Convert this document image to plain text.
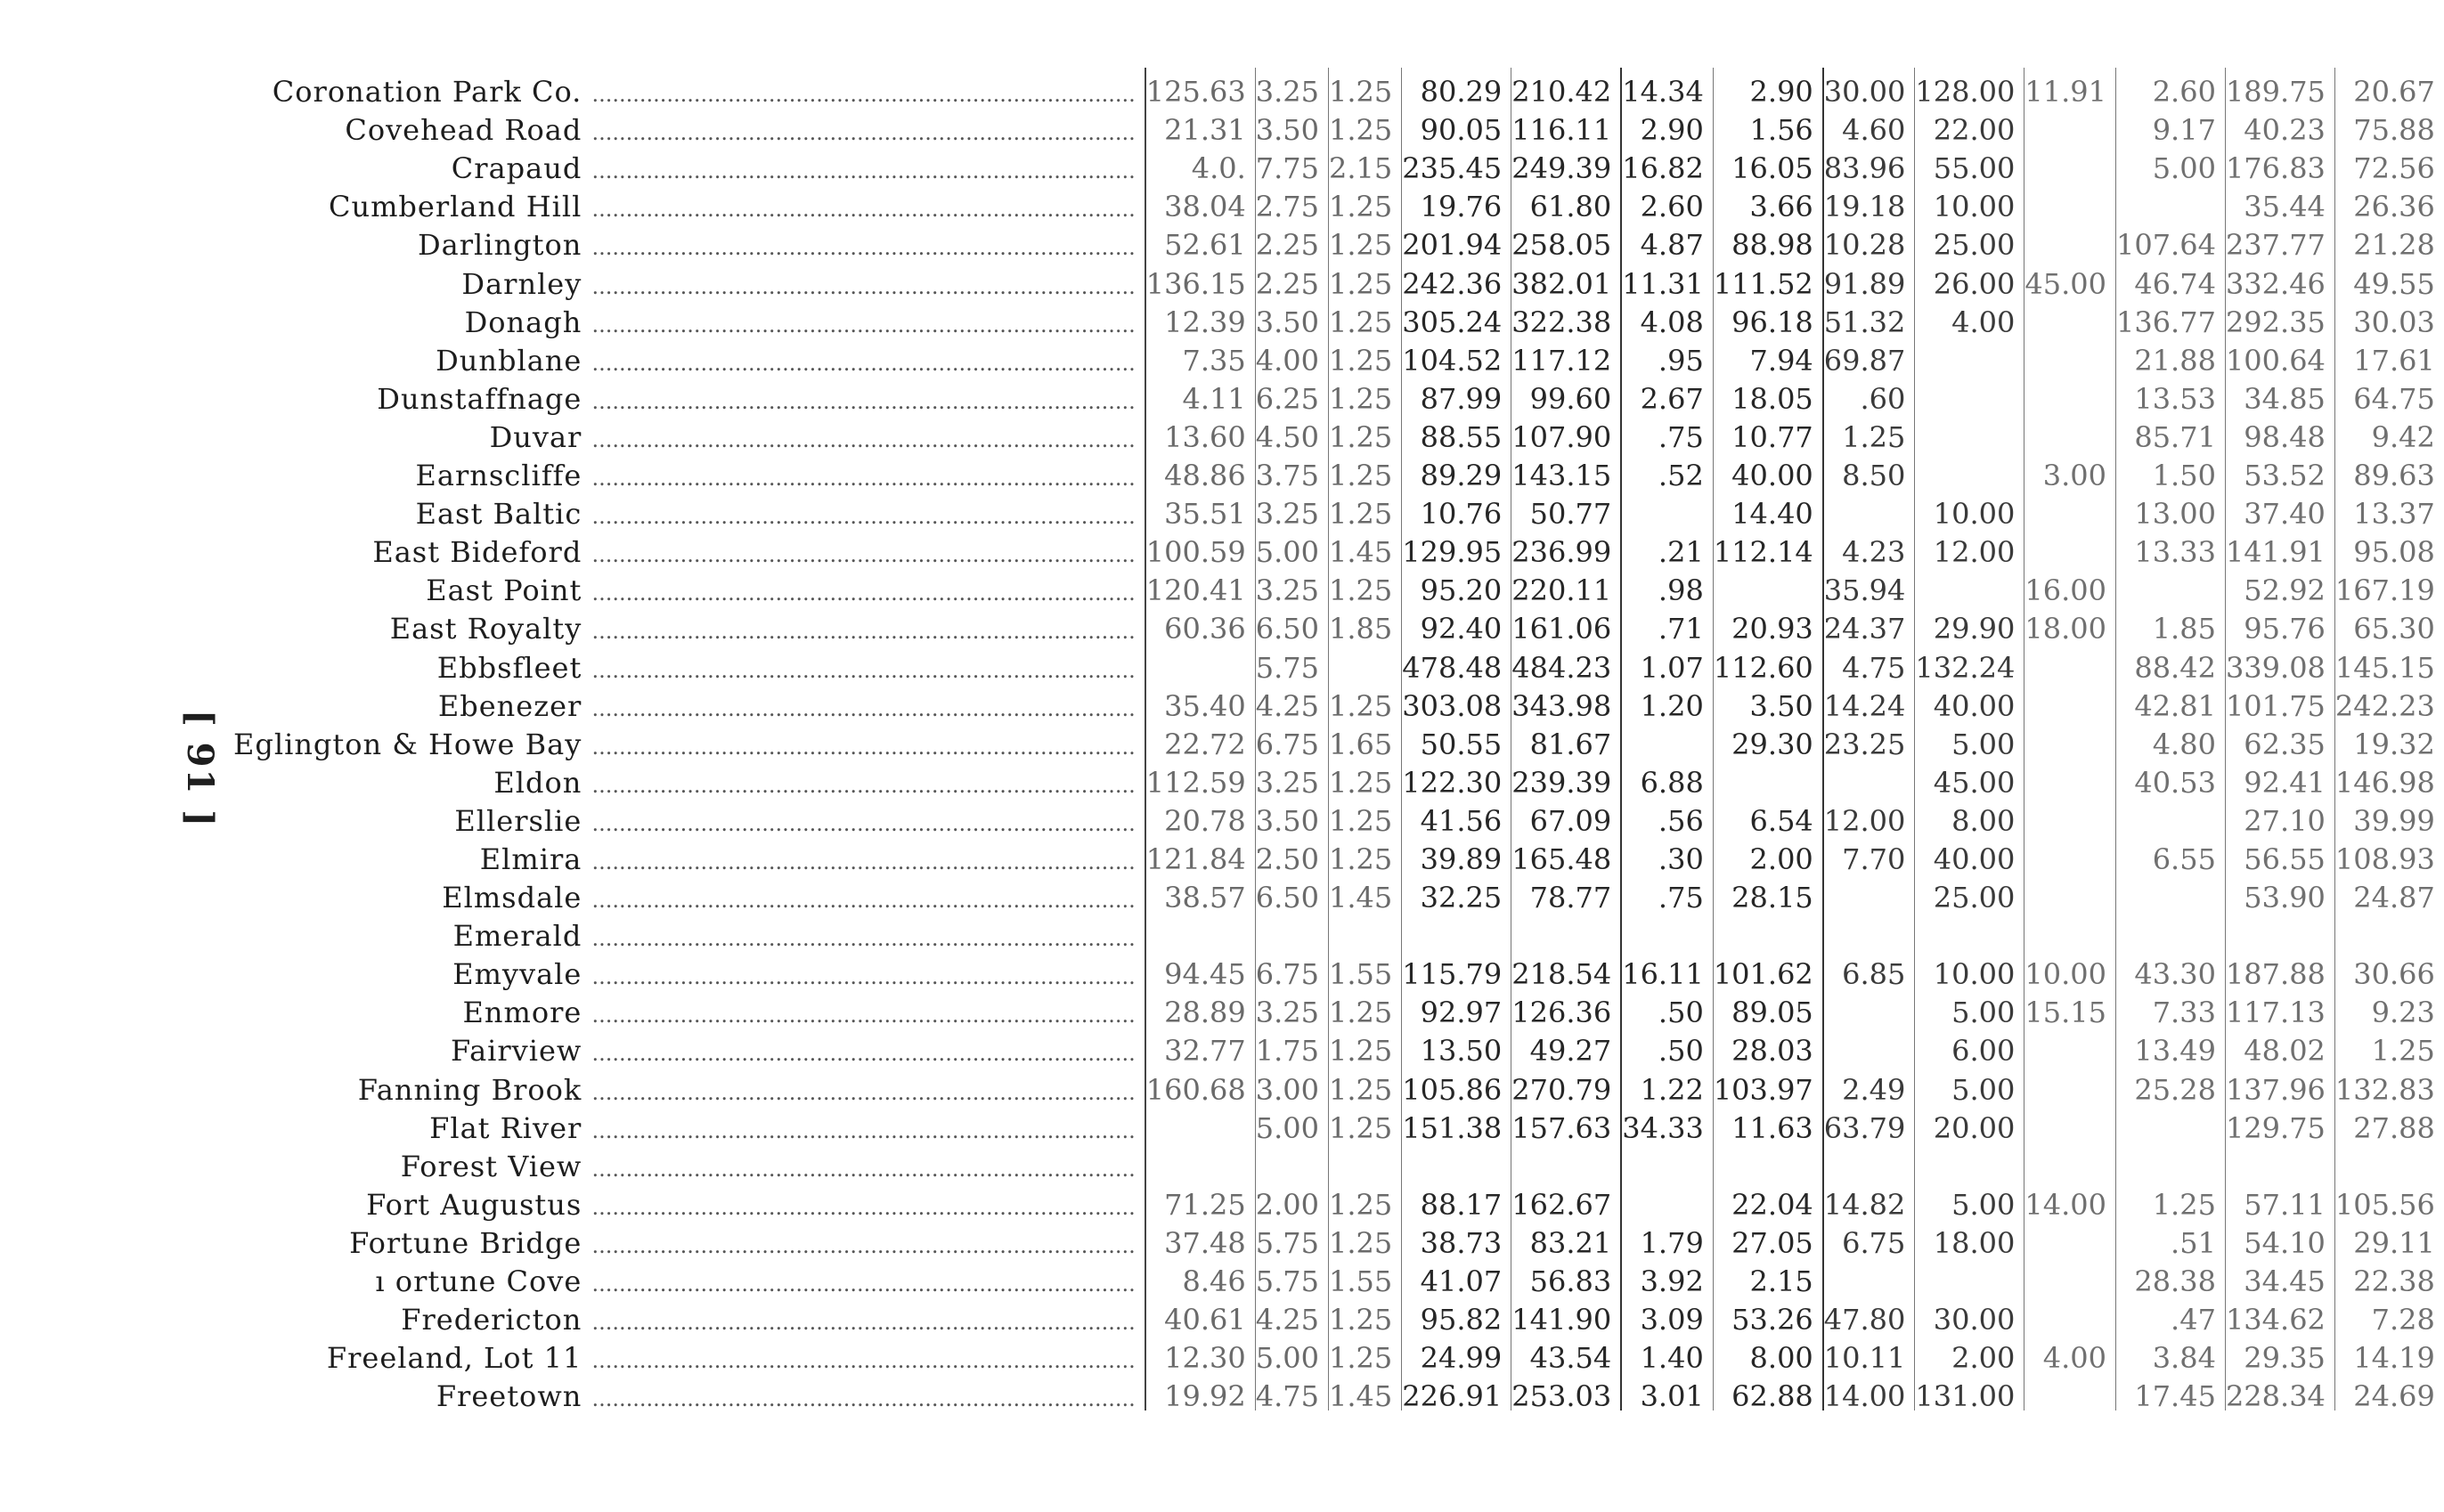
[ 91 ]
Coronation Park Co. ................................................................................	125.63	3.25	1.25	80.29	210.42	14.34	2.90	30.00	128.00	11.91	2.60	189.75	20.67
Covehead Road ................................................................................	21.31	3.50	1.25	90.05	116.11	2.90	1.56	4.60	22.00		9.17	40.23	75.88
Crapaud ................................................................................	4.0.	7.75	2.15	235.45	249.39	16.82	16.05	83.96	55.00		5.00	176.83	72.56
Cumberland Hill ................................................................................	38.04	2.75	1.25	19.76	61.80	2.60	3.66	19.18	10.00			35.44	26.36
Darlington ................................................................................	52.61	2.25	1.25	201.94	258.05	4.87	88.98	10.28	25.00		107.64	237.77	21.28
Darnley ................................................................................	136.15	2.25	1.25	242.36	382.01	11.31	111.52	91.89	26.00	45.00	46.74	332.46	49.55
Donagh ................................................................................	12.39	3.50	1.25	305.24	322.38	4.08	96.18	51.32	4.00		136.77	292.35	30.03
Dunblane ................................................................................	7.35	4.00	1.25	104.52	117.12	.95	7.94	69.87			21.88	100.64	17.61
Dunstaffnage ................................................................................	4.11	6.25	1.25	87.99	99.60	2.67	18.05	.60			13.53	34.85	64.75
Duvar ................................................................................	13.60	4.50	1.25	88.55	107.90	.75	10.77	1.25			85.71	98.48	9.42
Earnscliffe ................................................................................	48.86	3.75	1.25	89.29	143.15	.52	40.00	8.50		3.00	1.50	53.52	89.63
East Baltic ................................................................................	35.51	3.25	1.25	10.76	50.77		14.40		10.00		13.00	37.40	13.37
East Bideford ................................................................................	100.59	5.00	1.45	129.95	236.99	.21	112.14	4.23	12.00		13.33	141.91	95.08
East Point ................................................................................	120.41	3.25	1.25	95.20	220.11	.98		35.94		16.00		52.92	167.19
East Royalty ................................................................................	60.36	6.50	1.85	92.40	161.06	.71	20.93	24.37	29.90	18.00	1.85	95.76	65.30
Ebbsfleet ................................................................................		5.75		478.48	484.23	1.07	112.60	4.75	132.24		88.42	339.08	145.15
Ebenezer ................................................................................	35.40	4.25	1.25	303.08	343.98	1.20	3.50	14.24	40.00		42.81	101.75	242.23
Eglington & Howe Bay ................................................................................	22.72	6.75	1.65	50.55	81.67		29.30	23.25	5.00		4.80	62.35	19.32
Eldon ................................................................................	112.59	3.25	1.25	122.30	239.39	6.88			45.00		40.53	92.41	146.98
Ellerslie ................................................................................	20.78	3.50	1.25	41.56	67.09	.56	6.54	12.00	8.00			27.10	39.99
Elmira ................................................................................	121.84	2.50	1.25	39.89	165.48	.30	2.00	7.70	40.00		6.55	56.55	108.93
Elmsdale ................................................................................	38.57	6.50	1.45	32.25	78.77	.75	28.15		25.00			53.90	24.87
Emerald ................................................................................													
Emyvale ................................................................................	94.45	6.75	1.55	115.79	218.54	16.11	101.62	6.85	10.00	10.00	43.30	187.88	30.66
Enmore ................................................................................	28.89	3.25	1.25	92.97	126.36	.50	89.05		5.00	15.15	7.33	117.13	9.23
Fairview ................................................................................	32.77	1.75	1.25	13.50	49.27	.50	28.03		6.00		13.49	48.02	1.25
Fanning Brook ................................................................................	160.68	3.00	1.25	105.86	270.79	1.22	103.97	2.49	5.00		25.28	137.96	132.83
Flat River ................................................................................		5.00	1.25	151.38	157.63	34.33	11.63	63.79	20.00			129.75	27.88
Forest View ................................................................................													
Fort Augustus ................................................................................	71.25	2.00	1.25	88.17	162.67		22.04	14.82	5.00	14.00	1.25	57.11	105.56
Fortune Bridge ................................................................................	37.48	5.75	1.25	38.73	83.21	1.79	27.05	6.75	18.00		.51	54.10	29.11
ı ortune Cove ................................................................................	8.46	5.75	1.55	41.07	56.83	3.92	2.15				28.38	34.45	22.38
Fredericton ................................................................................	40.61	4.25	1.25	95.82	141.90	3.09	53.26	47.80	30.00		.47	134.62	7.28
Freeland, Lot 11 ................................................................................	12.30	5.00	1.25	24.99	43.54	1.40	8.00	10.11	2.00	4.00	3.84	29.35	14.19
Freetown ................................................................................	19.92	4.75	1.45	226.91	253.03	3.01	62.88	14.00	131.00		17.45	228.34	24.69
